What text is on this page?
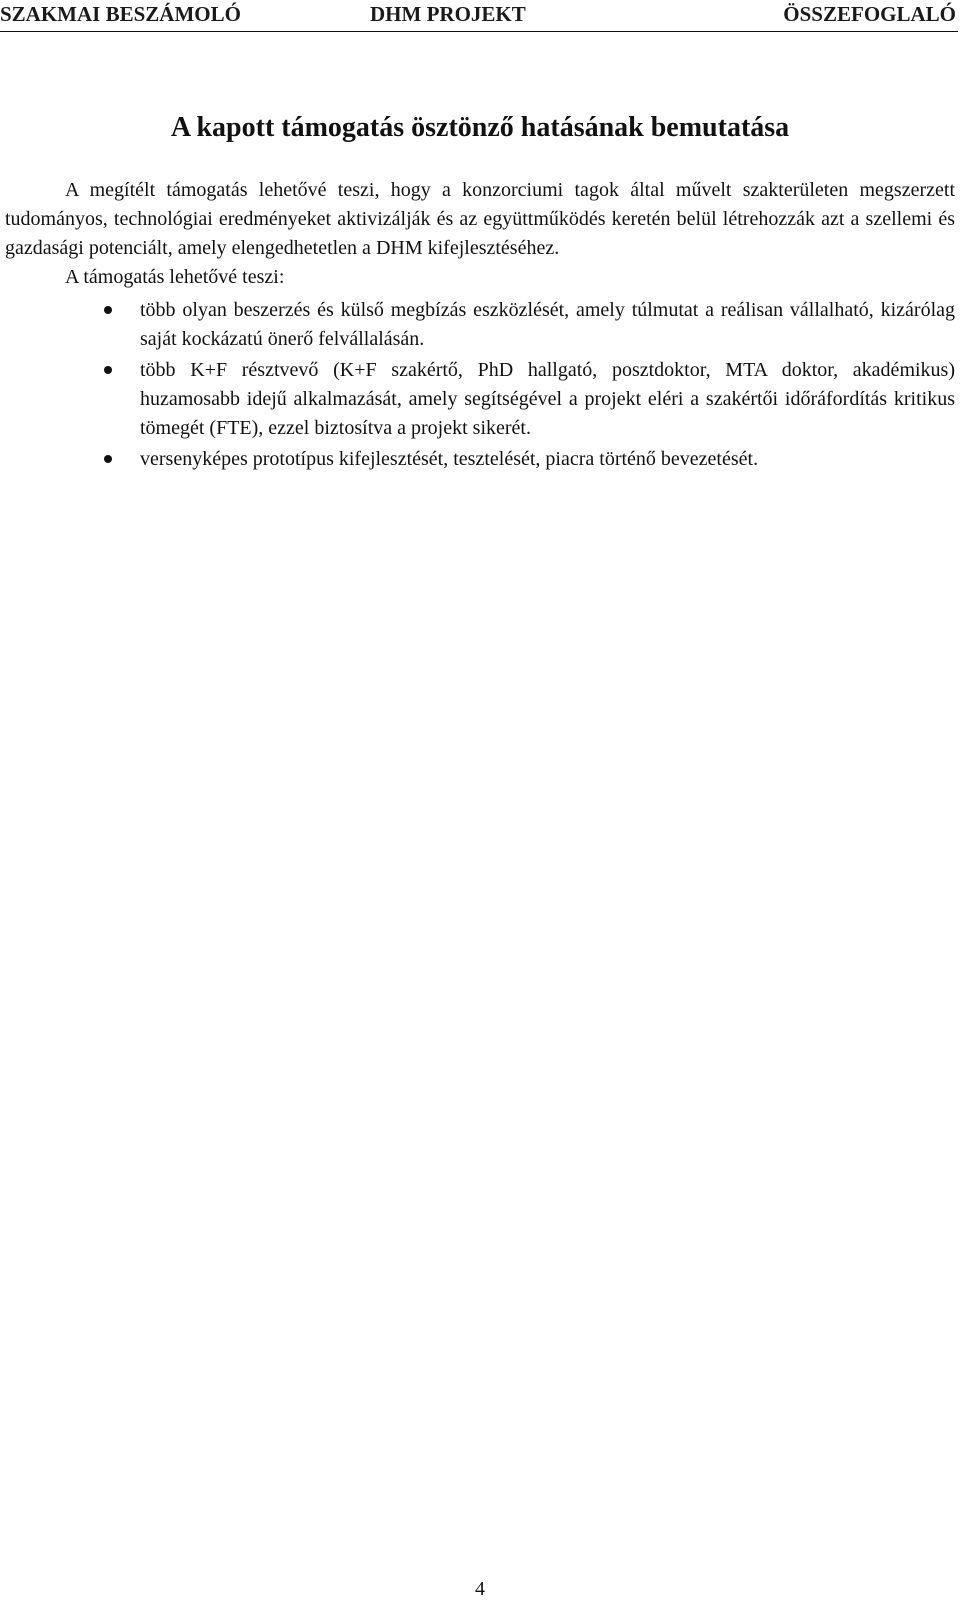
SZAKMAI BESZÁMOLÓ	DHM PROJEKT	ÖSSZEFOGLALÓ
A kapott támogatás ösztönző hatásának bemutatása

A megítélt támogatás lehetővé teszi, hogy a konzorciumi tagok által művelt szakterületen megszerzett tudományos, technológiai eredményeket aktivizálják és az együttműködés keretén belül létrehozzák azt a szellemi és gazdasági potenciált, amely elengedhetetlen a DHM kifejlesztéséhez.

A támogatás lehetővé teszi:

több olyan beszerzés és külső megbízás eszközlését, amely túlmutat a reálisan vállalható, kizárólag saját kockázatú önerő felvállalásán.
több K+F résztvevő (K+F szakértő, PhD hallgató, posztdoktor, MTA doktor, akadémikus) huzamosabb idejű alkalmazását, amely segítségével a projekt eléri a szakértői időráfordítás kritikus tömegét (FTE), ezzel biztosítva a projekt sikerét.
versenyképes prototípus kifejlesztését, tesztelését, piacra történő bevezetését.
4
